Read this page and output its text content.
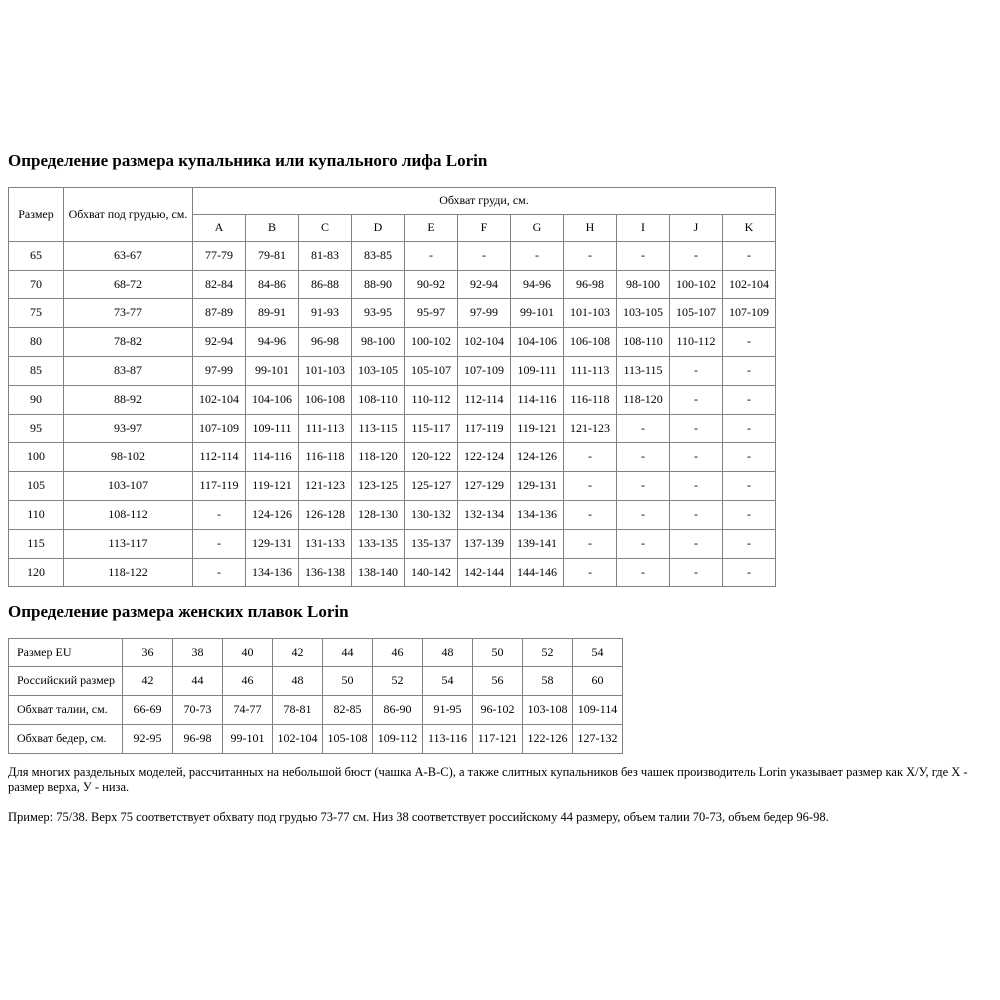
Определение размера купальника или купального лифа Lorin
Размер	Обхват под грудью, см.	Обхват груди, см.										
		A	B	C	D	E	F	G	H	I	J	K
65	63-67	77-79	79-81	81-83	83-85	-	-	-	-	-	-	-
70	68-72	82-84	84-86	86-88	88-90	90-92	92-94	94-96	96-98	98-100	100-102	102-104
75	73-77	87-89	89-91	91-93	93-95	95-97	97-99	99-101	101-103	103-105	105-107	107-109
80	78-82	92-94	94-96	96-98	98-100	100-102	102-104	104-106	106-108	108-110	110-112	-
85	83-87	97-99	99-101	101-103	103-105	105-107	107-109	109-111	111-113	113-115	-	-
90	88-92	102-104	104-106	106-108	108-110	110-112	112-114	114-116	116-118	118-120	-	-
95	93-97	107-109	109-111	111-113	113-115	115-117	117-119	119-121	121-123	-	-	-
100	98-102	112-114	114-116	116-118	118-120	120-122	122-124	124-126	-	-	-	-
105	103-107	117-119	119-121	121-123	123-125	125-127	127-129	129-131	-	-	-	-
110	108-112	-	124-126	126-128	128-130	130-132	132-134	134-136	-	-	-	-
115	113-117	-	129-131	131-133	133-135	135-137	137-139	139-141	-	-	-	-
120	118-122	-	134-136	136-138	138-140	140-142	142-144	144-146	-	-	-	-
Определение размера женских плавок Lorin
Размер EU	36	38	40	42	44	46	48	50	52	54
Российский размер	42	44	46	48	50	52	54	56	58	60
Обхват талии, см.	66-69	70-73	74-77	78-81	82-85	86-90	91-95	96-102	103-108	109-114
Обхват бедер, см.	92-95	96-98	99-101	102-104	105-108	109-112	113-116	117-121	122-126	127-132

Для многих раздельных моделей, рассчитанных на небольшой бюст (чашка A-B-C), а также слитных купальников без чашек производитель Lorin указывает размер как X/У, где X - размер верха, У - низа.

Пример: 75/38. Верх 75 соответствует обхвату под грудью 73-77 см. Низ 38 соответствует российскому 44 размеру, объем талии 70-73, объем бедер 96-98.
